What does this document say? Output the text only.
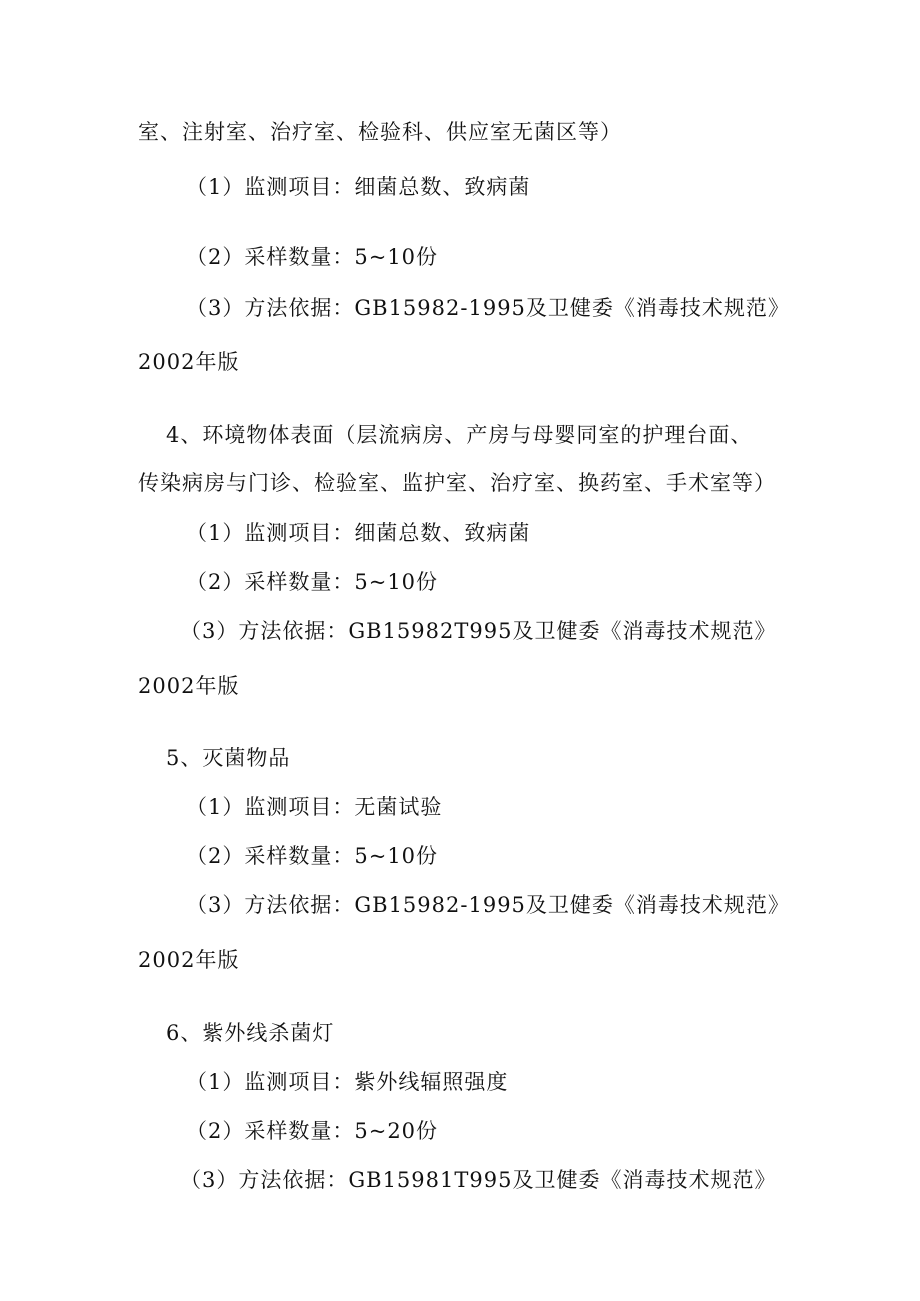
室、注射室、治疗室、检验科、供应室无菌区等）
（1）监测项目：细菌总数、致病菌
（2）采样数量：5~10份
（3）方法依据：GB15982-1995及卫健委《消毒技术规范》
2002年版
4、环境物体表面（层流病房、产房与母婴同室的护理台面、
传染病房与门诊、检验室、监护室、治疗室、换药室、手术室等）
（1）监测项目：细菌总数、致病菌
（2）采样数量：5~10份
（3）方法依据：GB15982T995及卫健委《消毒技术规范》
2002年版
5、灭菌物品
（1）监测项目：无菌试验
（2）采样数量：5~10份
（3）方法依据：GB15982-1995及卫健委《消毒技术规范》
2002年版
6、紫外线杀菌灯
（1）监测项目：紫外线辐照强度
（2）采样数量：5~20份
（3）方法依据：GB15981T995及卫健委《消毒技术规范》
